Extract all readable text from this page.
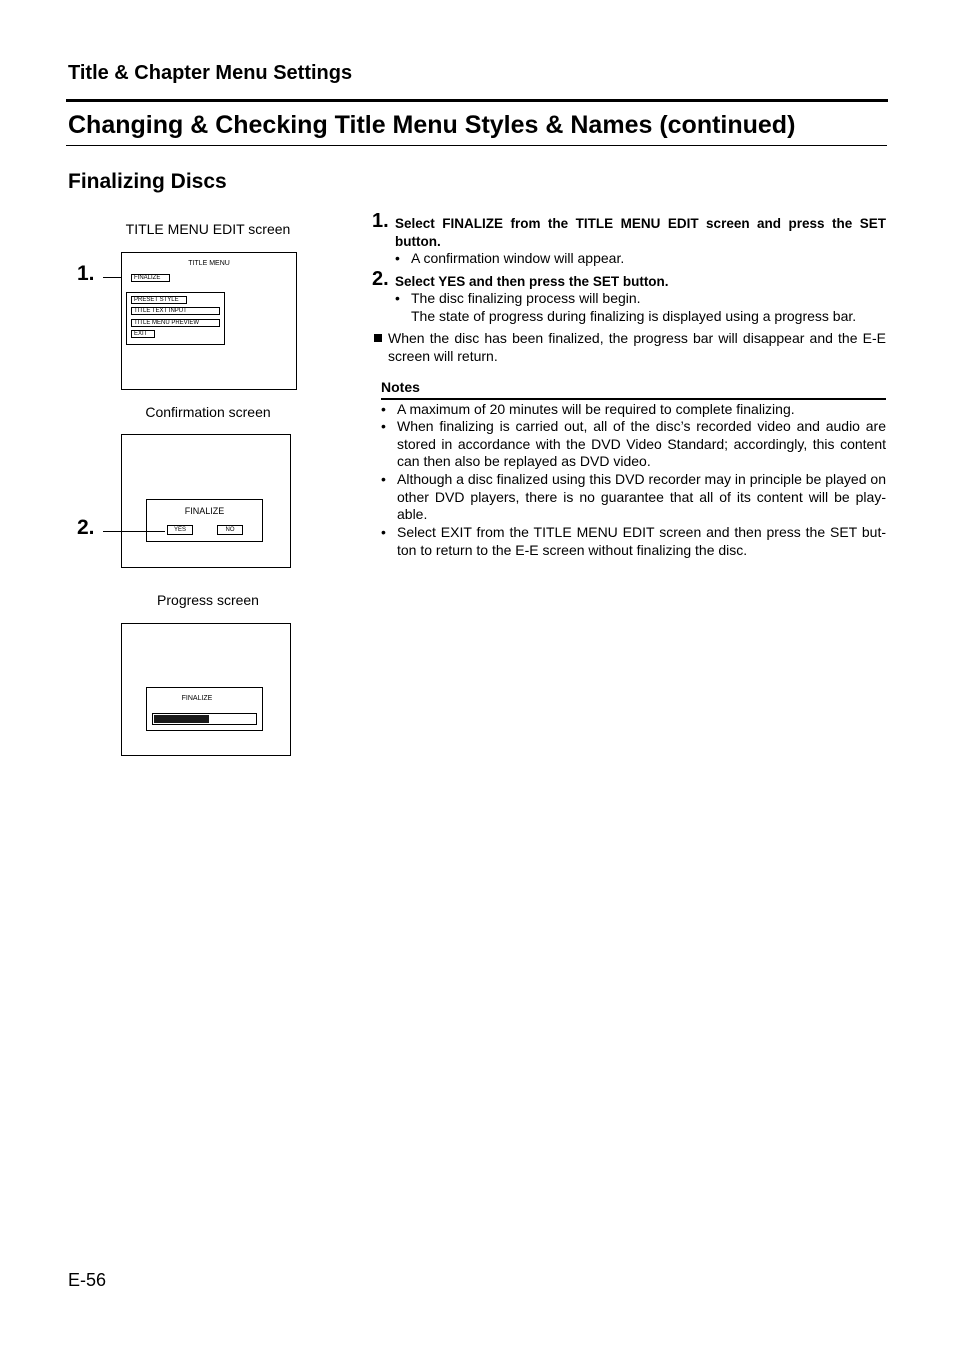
Title & Chapter Menu Settings
Changing & Checking Title Menu Styles & Names (continued)
Finalizing Discs
TITLE MENU EDIT screen
1.	TITLE MENU
FINALIZE
PRESET STYLE
TITLE TEXT INPUT
TITLE MENU PREVIEW
EXIT
Confirmation screen
FINALIZE
YES	NO
2.
Progress screen
FINALIZE
1. Select FINALIZE from the TITLE MENU EDIT screen and press the SET button.
• A confirmation window will appear.
2. Select YES and then press the SET button.
• The disc finalizing process will begin.
The state of progress during finalizing is displayed using a progress bar.
When the disc has been finalized, the progress bar will disappear and the E-E screen will return.
Notes
• A maximum of 20 minutes will be required to complete finalizing.
• When finalizing is carried out, all of the disc’s recorded video and audio are stored in accordance with the DVD Video Standard; accordingly, this content can then also be replayed as DVD video.
• Although a disc finalized using this DVD recorder may in principle be played on other DVD players, there is no guarantee that all of its content will be play-able.
• Select EXIT from the TITLE MENU EDIT screen and then press the SET but-ton to return to the E-E screen without finalizing the disc.
E-56
